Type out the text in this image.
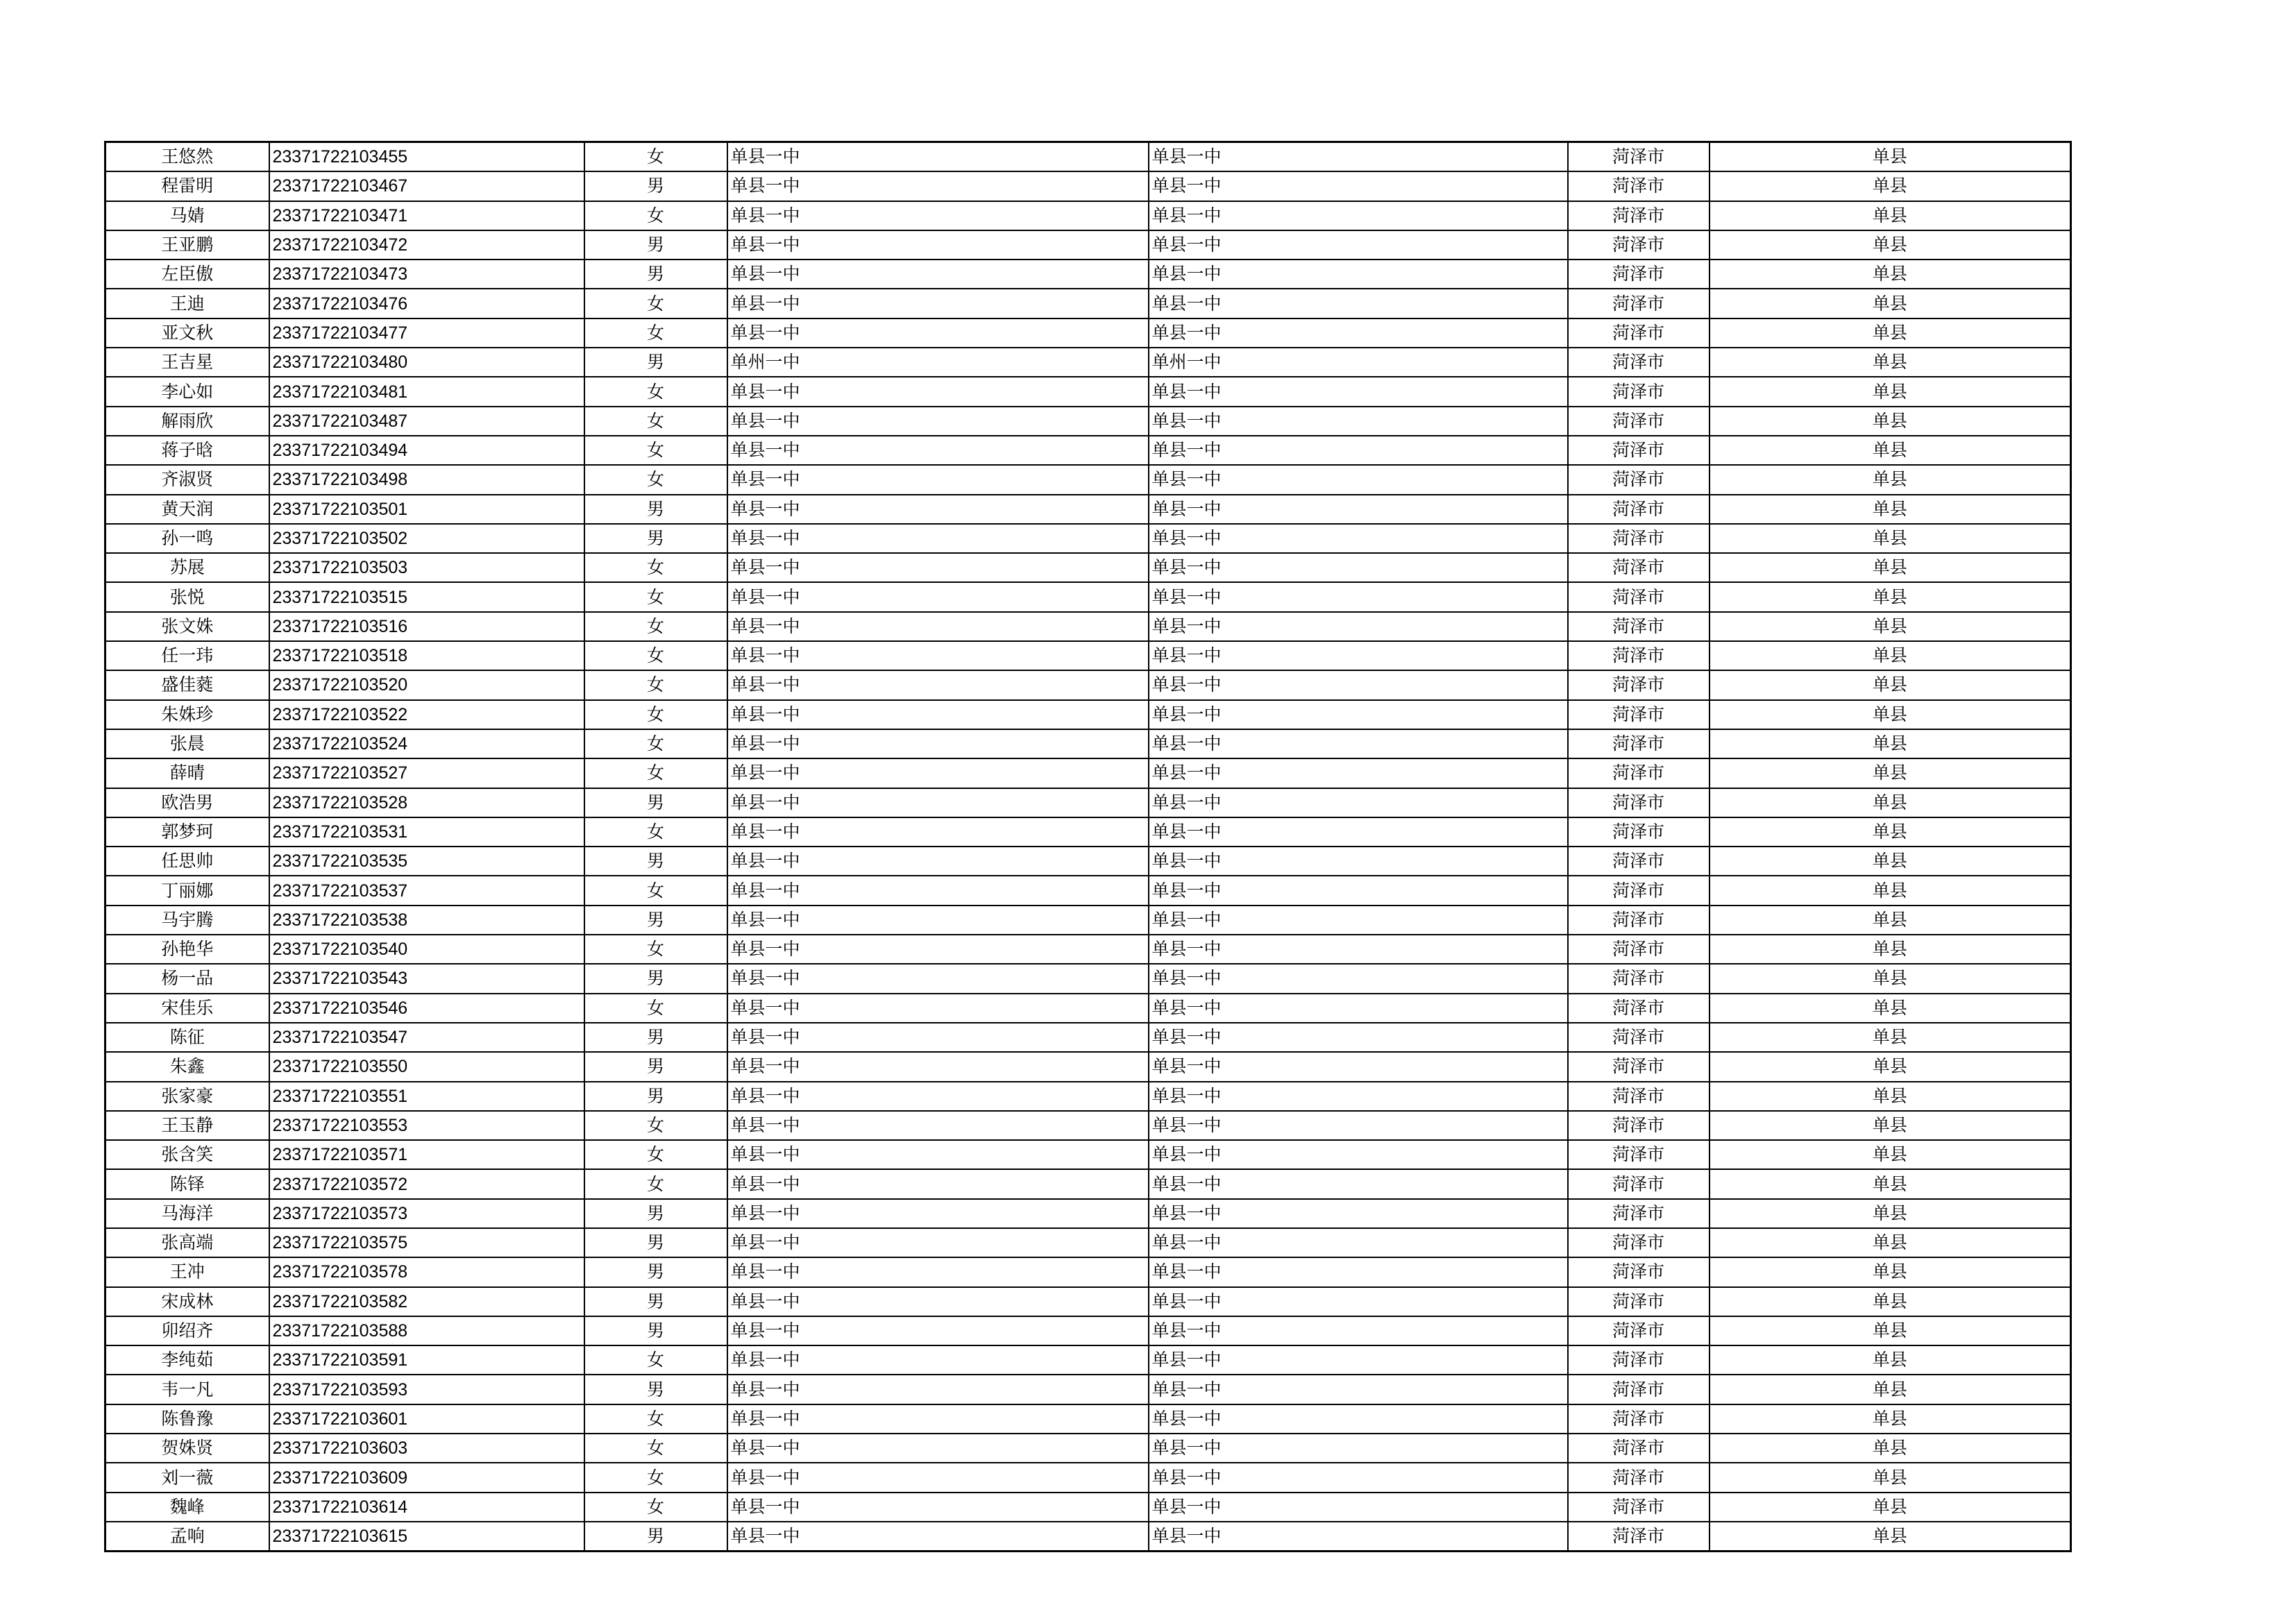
王悠然	23371722103455	女	单县一中	单县一中	菏泽市	单县
程雷明	23371722103467	男	单县一中	单县一中	菏泽市	单县
马婧	23371722103471	女	单县一中	单县一中	菏泽市	单县
王亚鹏	23371722103472	男	单县一中	单县一中	菏泽市	单县
左臣傲	23371722103473	男	单县一中	单县一中	菏泽市	单县
王迪	23371722103476	女	单县一中	单县一中	菏泽市	单县
亚文秋	23371722103477	女	单县一中	单县一中	菏泽市	单县
王吉星	23371722103480	男	单州一中	单州一中	菏泽市	单县
李心如	23371722103481	女	单县一中	单县一中	菏泽市	单县
解雨欣	23371722103487	女	单县一中	单县一中	菏泽市	单县
蒋子晗	23371722103494	女	单县一中	单县一中	菏泽市	单县
齐淑贤	23371722103498	女	单县一中	单县一中	菏泽市	单县
黄天润	23371722103501	男	单县一中	单县一中	菏泽市	单县
孙一鸣	23371722103502	男	单县一中	单县一中	菏泽市	单县
苏展	23371722103503	女	单县一中	单县一中	菏泽市	单县
张悦	23371722103515	女	单县一中	单县一中	菏泽市	单县
张文姝	23371722103516	女	单县一中	单县一中	菏泽市	单县
任一玮	23371722103518	女	单县一中	单县一中	菏泽市	单县
盛佳蕤	23371722103520	女	单县一中	单县一中	菏泽市	单县
朱姝珍	23371722103522	女	单县一中	单县一中	菏泽市	单县
张晨	23371722103524	女	单县一中	单县一中	菏泽市	单县
薛晴	23371722103527	女	单县一中	单县一中	菏泽市	单县
欧浩男	23371722103528	男	单县一中	单县一中	菏泽市	单县
郭梦珂	23371722103531	女	单县一中	单县一中	菏泽市	单县
任思帅	23371722103535	男	单县一中	单县一中	菏泽市	单县
丁丽娜	23371722103537	女	单县一中	单县一中	菏泽市	单县
马宇腾	23371722103538	男	单县一中	单县一中	菏泽市	单县
孙艳华	23371722103540	女	单县一中	单县一中	菏泽市	单县
杨一品	23371722103543	男	单县一中	单县一中	菏泽市	单县
宋佳乐	23371722103546	女	单县一中	单县一中	菏泽市	单县
陈征	23371722103547	男	单县一中	单县一中	菏泽市	单县
朱鑫	23371722103550	男	单县一中	单县一中	菏泽市	单县
张家豪	23371722103551	男	单县一中	单县一中	菏泽市	单县
王玉静	23371722103553	女	单县一中	单县一中	菏泽市	单县
张含笑	23371722103571	女	单县一中	单县一中	菏泽市	单县
陈铎	23371722103572	女	单县一中	单县一中	菏泽市	单县
马海洋	23371722103573	男	单县一中	单县一中	菏泽市	单县
张高端	23371722103575	男	单县一中	单县一中	菏泽市	单县
王冲	23371722103578	男	单县一中	单县一中	菏泽市	单县
宋成林	23371722103582	男	单县一中	单县一中	菏泽市	单县
卯绍齐	23371722103588	男	单县一中	单县一中	菏泽市	单县
李纯茹	23371722103591	女	单县一中	单县一中	菏泽市	单县
韦一凡	23371722103593	男	单县一中	单县一中	菏泽市	单县
陈鲁豫	23371722103601	女	单县一中	单县一中	菏泽市	单县
贺姝贤	23371722103603	女	单县一中	单县一中	菏泽市	单县
刘一薇	23371722103609	女	单县一中	单县一中	菏泽市	单县
魏峰	23371722103614	女	单县一中	单县一中	菏泽市	单县
孟响	23371722103615	男	单县一中	单县一中	菏泽市	单县
